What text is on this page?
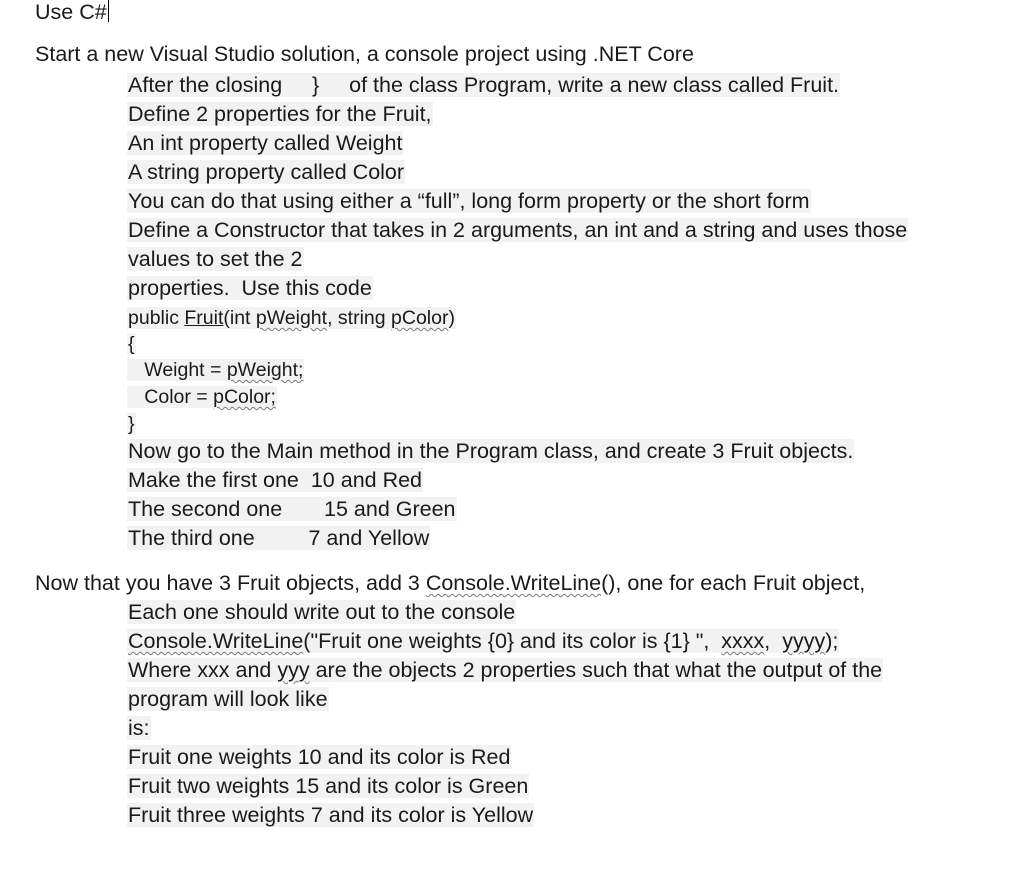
Use C#
Start a new Visual Studio solution, a console project using .NET Core
After the closing } of the class Program, write a new class called Fruit.
Define 2 properties for the Fruit,
An int property called Weight
A string property called Color
You can do that using either a “full”, long form property or the short form
Define a Constructor that takes in 2 arguments, an int and a string and uses those
values to set the 2
properties.  Use this code
public Fruit(int pWeight, string pColor)
{
Weight = pWeight;
Color = pColor;
}
Now go to the Main method in the Program class, and create 3 Fruit objects.
Make the first one 10 and Red
The second one 15 and Green
The third one	7 and Yellow
Now that you have 3 Fruit objects, add 3 Console.WriteLine(), one for each Fruit object,
Each one should write out to the console
Console.WriteLine("Fruit one weights {0} and its color is {1} ",  xxxx,  yyyy);
Where xxx and yyy are the objects 2 properties such that what the output of the
program will look like
is:
Fruit one weights 10 and its color is Red
Fruit two weights 15 and its color is Green
Fruit three weights 7 and its color is Yellow
